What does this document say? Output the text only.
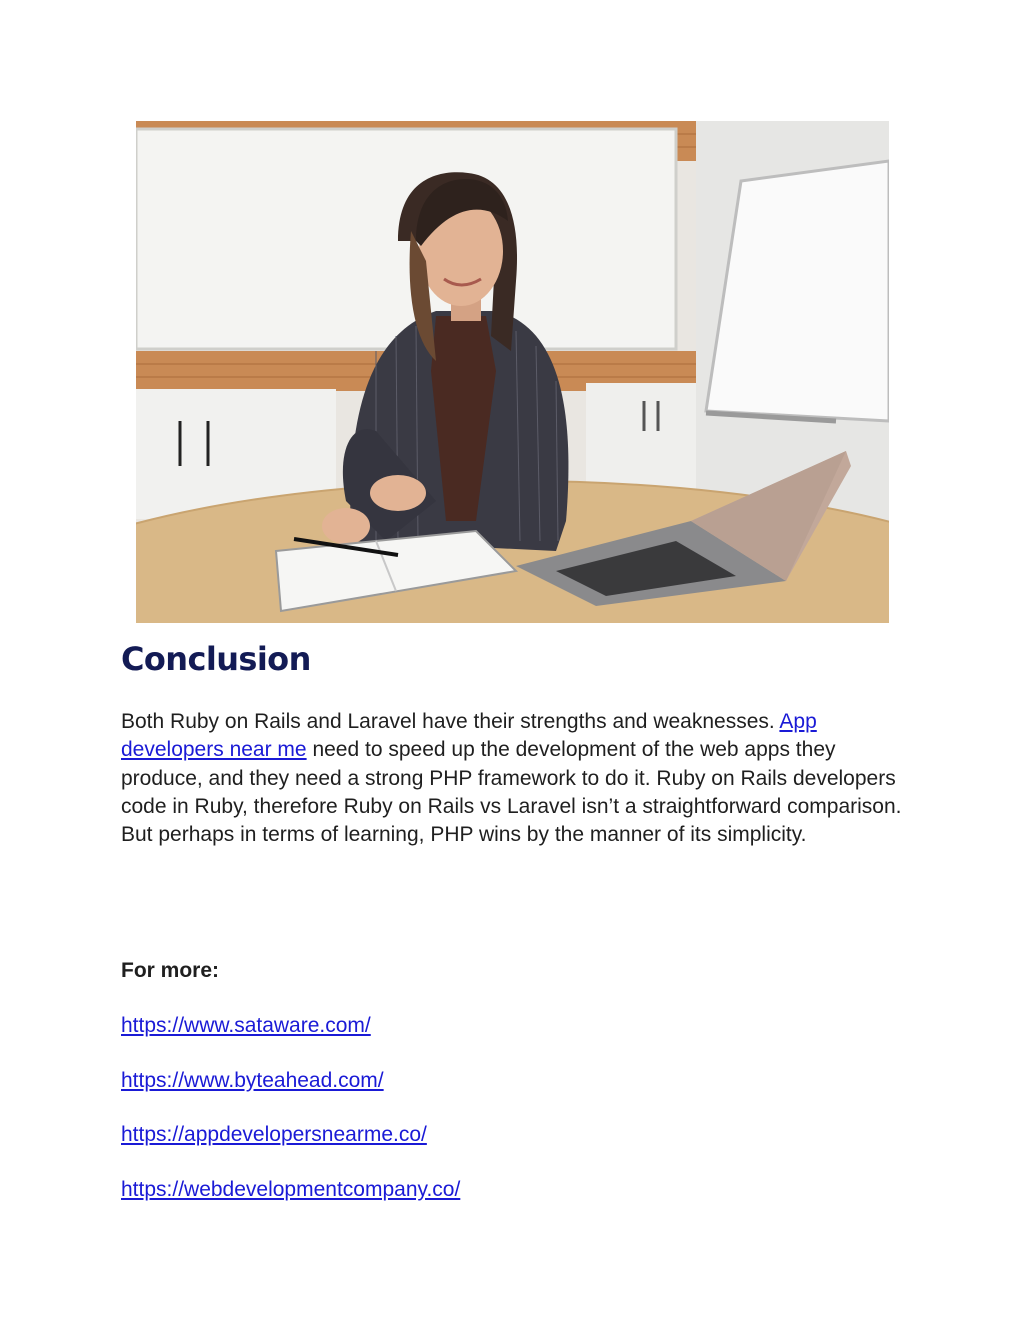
Conclusion

Both Ruby on Rails and Laravel have their strengths and weaknesses. App developers near me need to speed up the development of the web apps they produce, and they need a strong PHP framework to do it. Ruby on Rails developers code in Ruby, therefore Ruby on Rails vs Laravel isn’t a straightforward comparison. But perhaps in terms of learning, PHP wins by the manner of its simplicity.

For more:

https://www.sataware.com/
https://www.byteahead.com/
https://appdevelopersnearme.co/
https://webdevelopmentcompany.co/
